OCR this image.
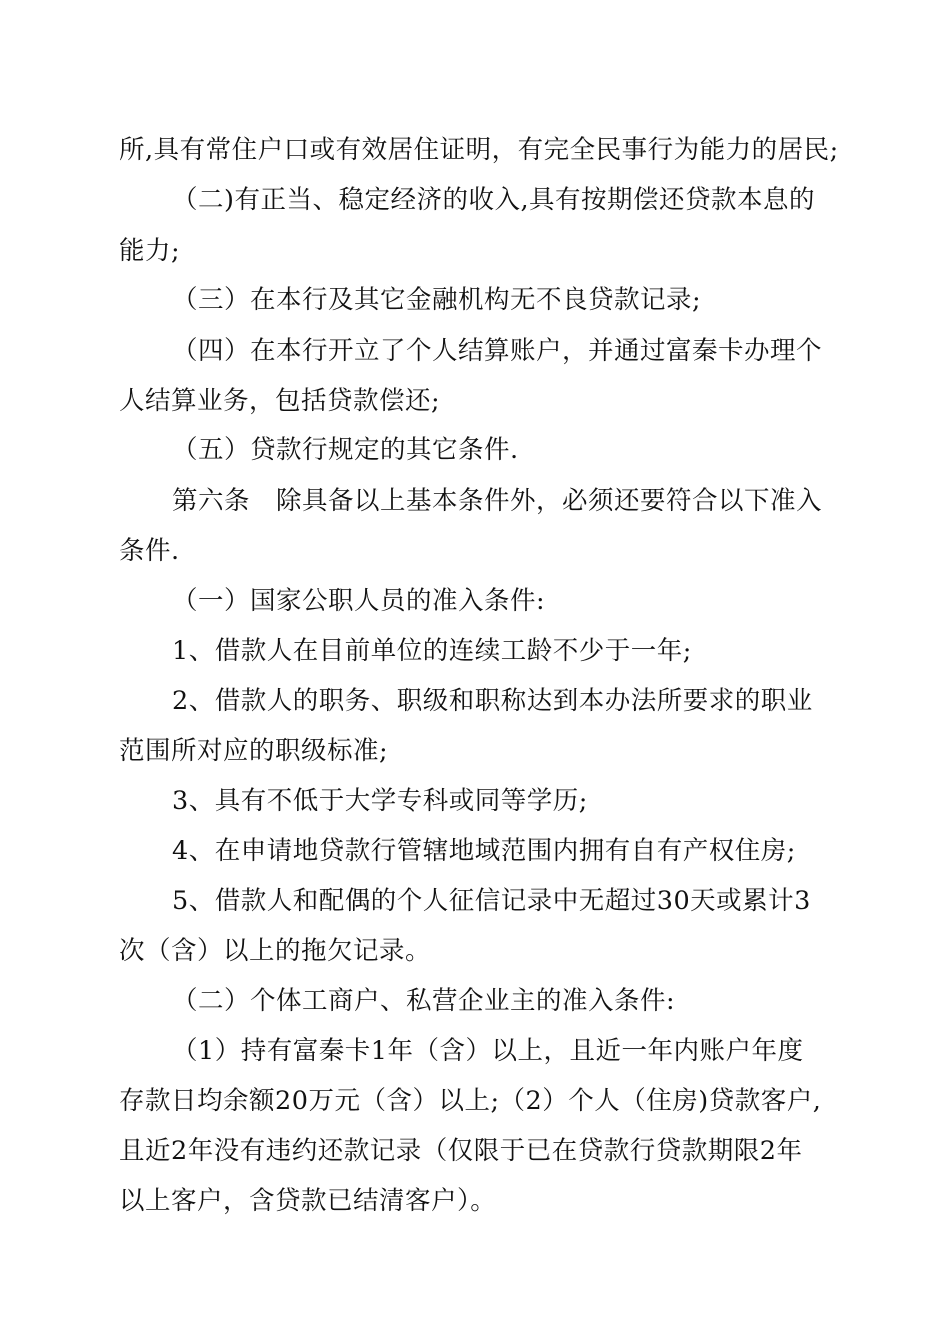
所,具有常住户口或有效居住证明，有完全民事行为能力的居民;
（二)有正当、稳定经济的收入,具有按期偿还贷款本息的
能力;
（三）在本行及其它金融机构无不良贷款记录;
（四）在本行开立了个人结算账户，并通过富秦卡办理个
人结算业务，包括贷款偿还;
（五）贷款行规定的其它条件.
第六条　除具备以上基本条件外，必须还要符合以下准入
条件.
（一）国家公职人员的准入条件:
1、借款人在目前单位的连续工龄不少于一年;
2、借款人的职务、职级和职称达到本办法所要求的职业
范围所对应的职级标准;
3、具有不低于大学专科或同等学历;
4、在申请地贷款行管辖地域范围内拥有自有产权住房;
5、借款人和配偶的个人征信记录中无超过30天或累计3
次（含）以上的拖欠记录。
（二）个体工商户、私营企业主的准入条件:
（1）持有富秦卡1年（含）以上，且近一年内账户年度
存款日均余额20万元（含）以上;（2）个人（住房)贷款客户,
且近2年没有违约还款记录（仅限于已在贷款行贷款期限2年
以上客户，含贷款已结清客户）。
